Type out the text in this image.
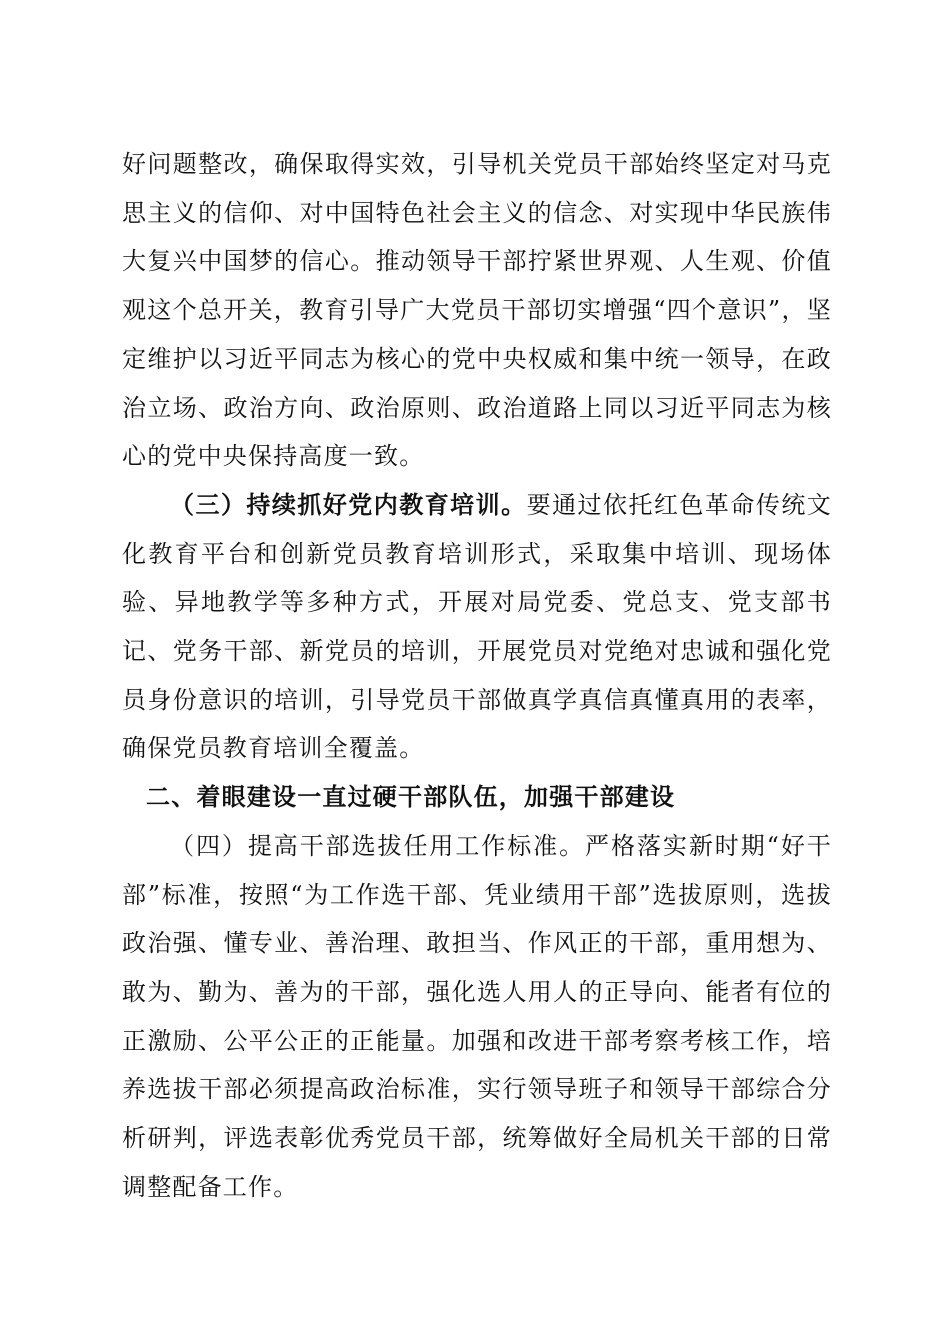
好问题整改，确保取得实效，引导机关党员干部始终坚定对马克思主义的信仰、对中国特色社会主义的信念、对实现中华民族伟大复兴中国梦的信心。推动领导干部拧紧世界观、人生观、价值观这个总开关，教育引导广大党员干部切实增强“四个意识”，坚定维护以习近平同志为核心的党中央权威和集中统一领导，在政治立场、政治方向、政治原则、政治道路上同以习近平同志为核心的党中央保持高度一致。

（三）持续抓好党内教育培训。要通过依托红色革命传统文化教育平台和创新党员教育培训形式，采取集中培训、现场体验、异地教学等多种方式，开展对局党委、党总支、党支部书记、党务干部、新党员的培训，开展党员对党绝对忠诚和强化党员身份意识的培训，引导党员干部做真学真信真懂真用的表率，确保党员教育培训全覆盖。

二、着眼建设一直过硬干部队伍，加强干部建设

（四）提高干部选拔任用工作标准。严格落实新时期“好干部”标准，按照“为工作选干部、凭业绩用干部”选拔原则，选拔政治强、懂专业、善治理、敢担当、作风正的干部，重用想为、敢为、勤为、善为的干部，强化选人用人的正导向、能者有位的正激励、公平公正的正能量。加强和改进干部考察考核工作，培养选拔干部必须提高政治标准，实行领导班子和领导干部综合分析研判，评选表彰优秀党员干部，统筹做好全局机关干部的日常调整配备工作。
